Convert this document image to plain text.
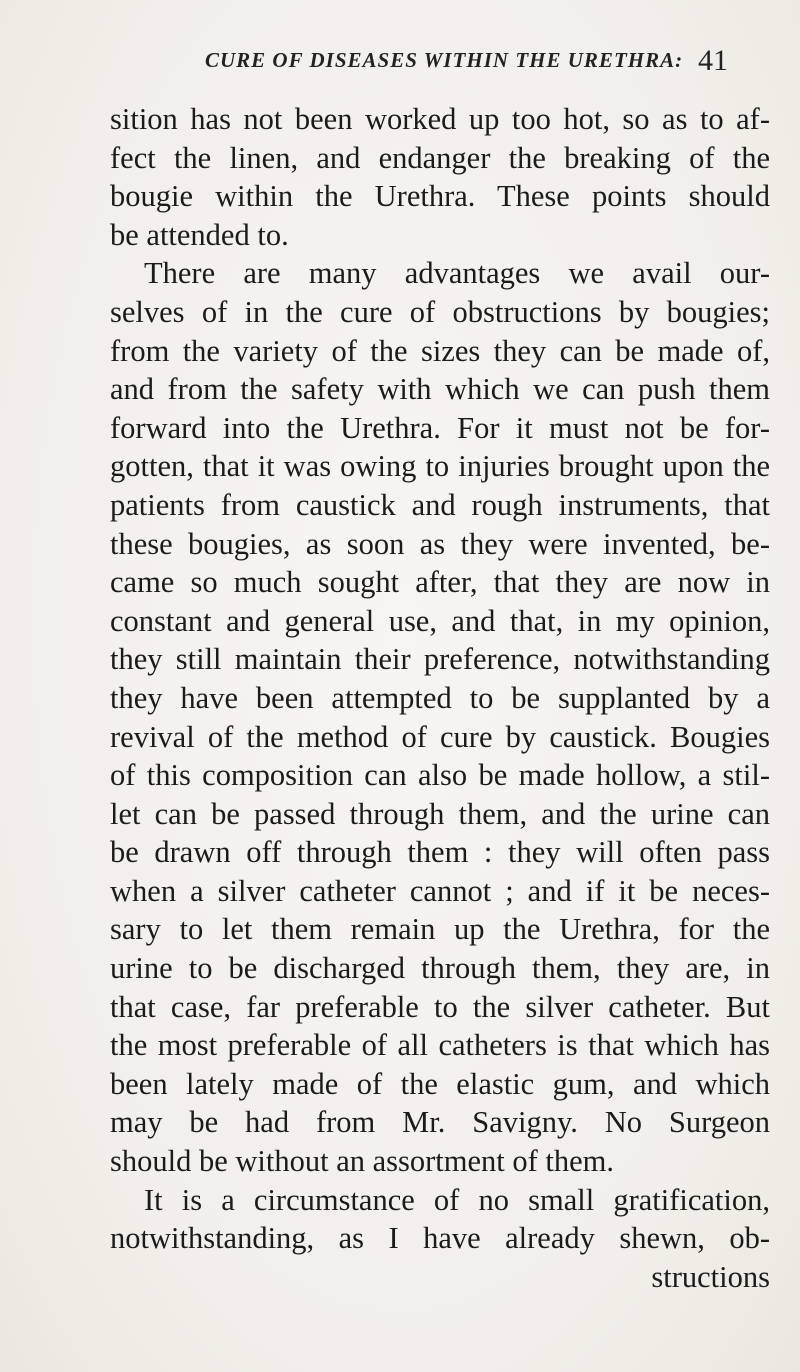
CURE OF DISEASES WITHIN THE URETHRA: 41
sition has not been worked up too hot, so as to af-
fect the linen, and endanger the breaking of the
bougie within the Urethra. These points should
be attended to.
There are many advantages we avail our-
selves of in the cure of obstructions by bougies;
from the variety of the sizes they can be made of,
and from the safety with which we can push them
forward into the Urethra. For it must not be for-
gotten, that it was owing to injuries brought upon the
patients from caustick and rough instruments, that
these bougies, as soon as they were invented, be-
came so much sought after, that they are now in
constant and general use, and that, in my opinion,
they still maintain their preference, notwithstanding
they have been attempted to be supplanted by a
revival of the method of cure by caustick. Bougies
of this composition can also be made hollow, a stil-
let can be passed through them, and the urine can
be drawn off through them : they will often pass
when a silver catheter cannot ; and if it be neces-
sary to let them remain up the Urethra, for the
urine to be discharged through them, they are, in
that case, far preferable to the silver catheter. But
the most preferable of all catheters is that which has
been lately made of the elastic gum, and which
may be had from Mr. Savigny. No Surgeon
should be without an assortment of them.
It is a circumstance of no small gratification,
notwithstanding, as I have already shewn, ob-
structions
